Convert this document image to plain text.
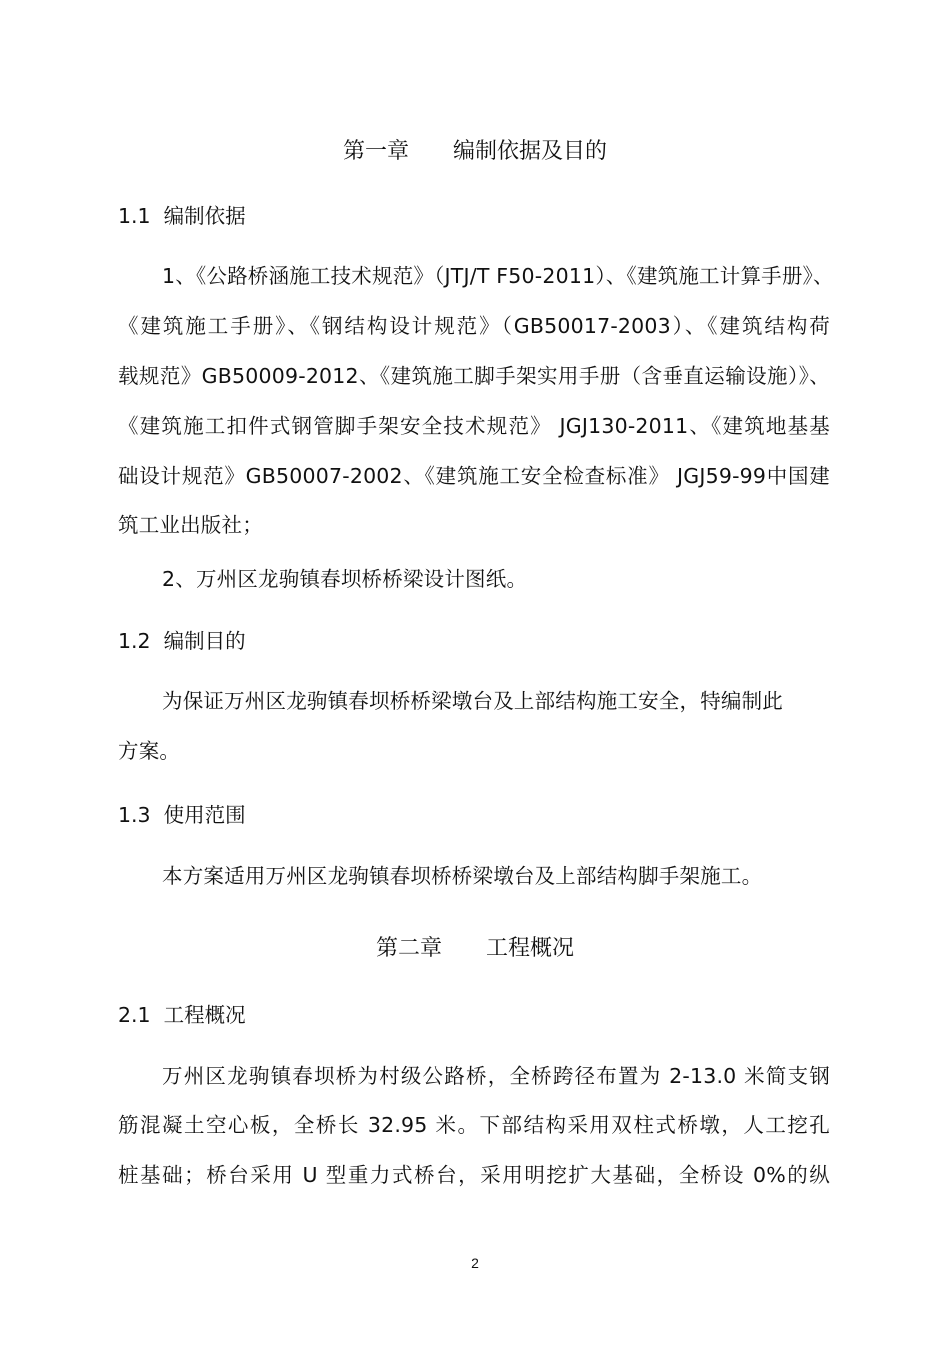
第一章　　编制依据及目的
1.1  编制依据
1、《公路桥涵施工技术规范》（JTJ/T F50-2011）、《建筑施工计算手册》、
《建筑施工手册》、《钢结构设计规范》（GB50017-2003）、《建筑结构荷
载规范》GB50009-2012、《建筑施工脚手架实用手册（含垂直运输设施）》、
《建筑施工扣件式钢管脚手架安全技术规范》 JGJ130-2011、《建筑地基基
础设计规范》GB50007-2002、《建筑施工安全检查标准》 JGJ59-99中国建
筑工业出版社；
2、万州区龙驹镇春坝桥桥梁设计图纸。
1.2  编制目的
为保证万州区龙驹镇春坝桥桥梁墩台及上部结构施工安全，特编制此
方案。
1.3  使用范围
本方案适用万州区龙驹镇春坝桥桥梁墩台及上部结构脚手架施工。
第二章　　工程概况
2.1  工程概况
万州区龙驹镇春坝桥为村级公路桥，全桥跨径布置为 2-13.0 米简支钢
筋混凝土空心板，全桥长 32.95 米。下部结构采用双柱式桥墩，人工挖孔
桩基础；桥台采用 U 型重力式桥台，采用明挖扩大基础，全桥设 0%的纵
2
